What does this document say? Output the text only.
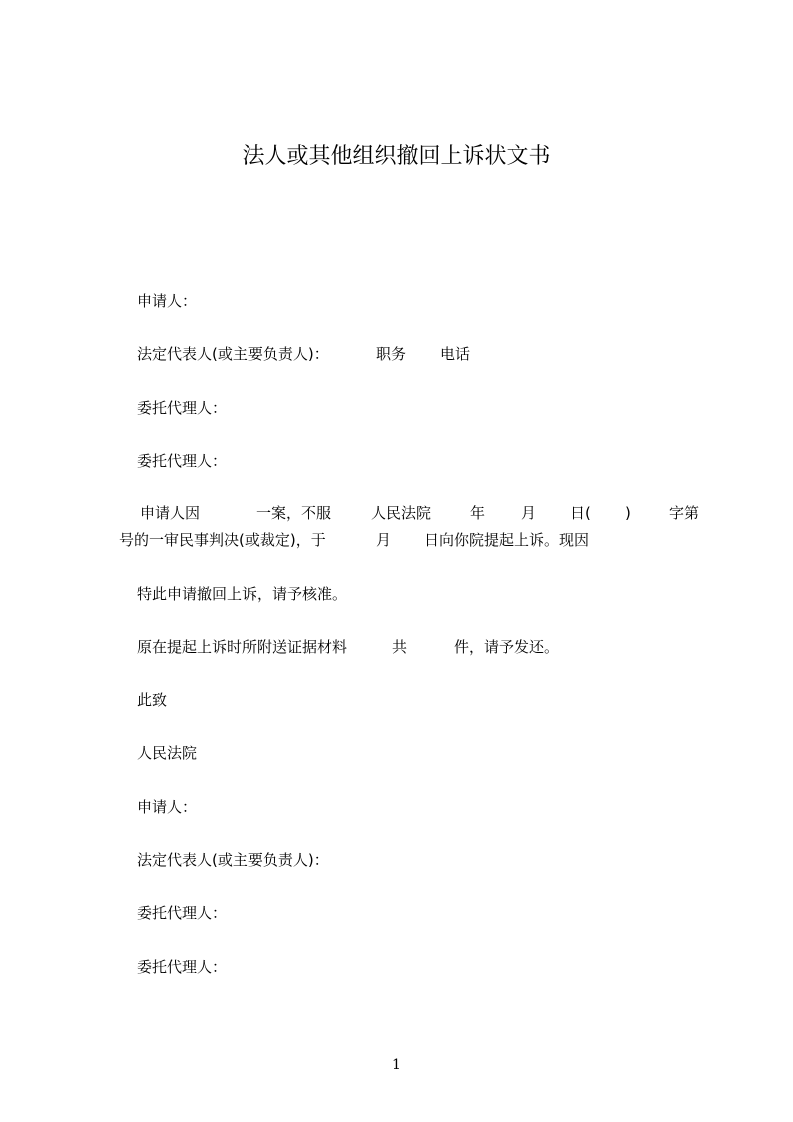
法人或其他组织撤回上诉状文书
申请人：
法定代表人(或主要负责人)：	职务 电话
委托代理人：
委托代理人：
申请人因	一案，不服	人民法院	年 月 日( )	字第
号的一审民事判决(或裁定)，于	月 日向你院提起上诉。现因
特此申请撤回上诉，请予核准。
原在提起上诉时所附送证据材料	共	件，请予发还。
此致
人民法院
申请人：
法定代表人(或主要负责人)：
委托代理人：
委托代理人：
1
